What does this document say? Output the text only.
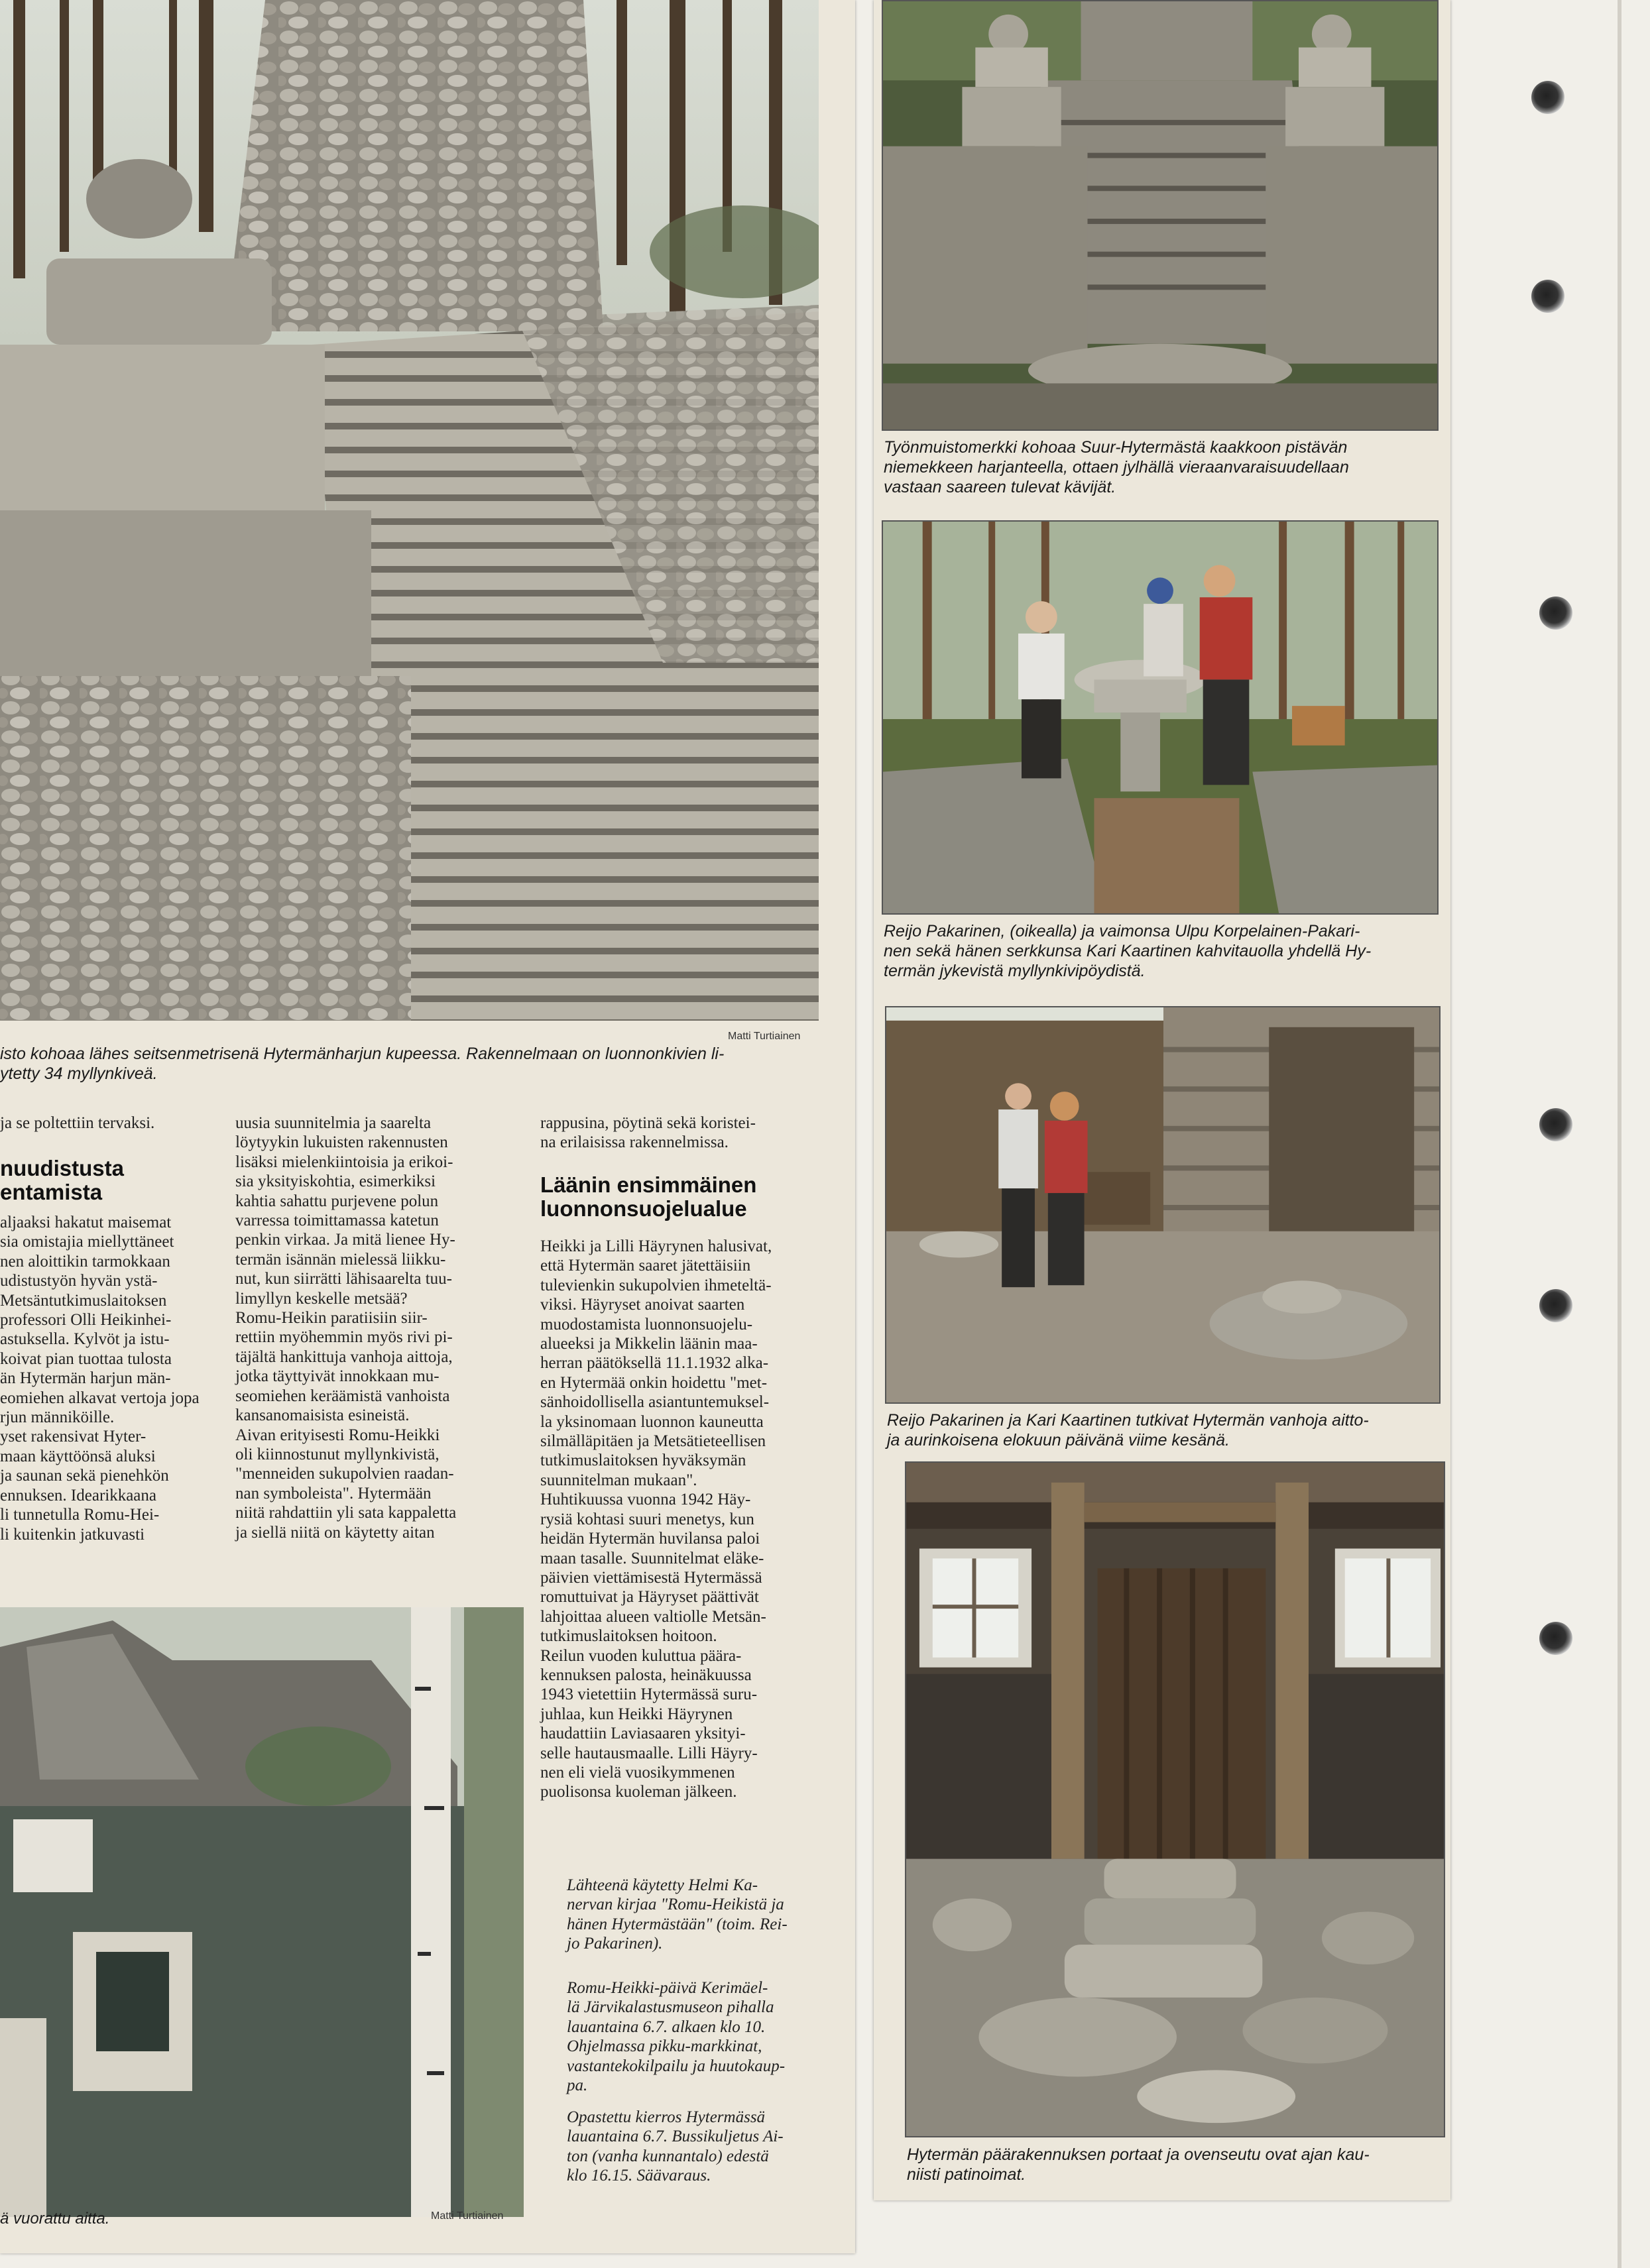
Matti Turtiainen
isto kohoaa lähes seitsenmetrisenä Hytermänharjun kupeessa. Rakennelmaan on luonnonkivien li-
ytetty 34 myllynkiveä.
ja se poltettiin tervaksi.
nuudistusta
entamista
aljaaksi hakatut maisemat
sia omistajia miellyttäneet
nen aloittikin tarmokkaan
udistustyön hyvän ystä-
Metsäntutkimuslaitoksen
professori Olli Heikinhei-
astuksella. Kylvöt ja istu-
koivat pian tuottaa tulosta
än Hytermän harjun män-
eomiehen alkavat vertoja jopa
rjun männiköille.
yset rakensivat Hyter-
maan käyttöönsä aluksi
ja saunan sekä pienehkön
ennuksen. Idearikkaana
li tunnetulla Romu-Hei-
li kuitenkin jatkuvasti
uusia suunnitelmia ja saarelta
löytyykin lukuisten rakennusten
lisäksi mielenkiintoisia ja erikoi-
sia yksityiskohtia, esimerkiksi
kahtia sahattu purjevene polun
varressa toimittamassa katetun
penkin virkaa. Ja mitä lienee Hy-
termän isännän mielessä liikku-
nut, kun siirrätti lähisaarelta tuu-
limyllyn keskelle metsää?
Romu-Heikin paratiisiin siir-
rettiin myöhemmin myös rivi pi-
täjältä hankittuja vanhoja aittoja,
jotka täyttyivät innokkaan mu-
seomiehen keräämistä vanhoista
kansanomaisista esineistä.
Aivan erityisesti Romu-Heikki
oli kiinnostunut myllynkivistä,
"menneiden sukupolvien raadan-
nan symboleista". Hytermään
niitä rahdattiin yli sata kappaletta
ja siellä niitä on käytetty aitan
rappusina, pöytinä sekä koristei-
na erilaisissa rakennelmissa.
Läänin ensimmäinen
luonnonsuojelualue
Heikki ja Lilli Häyrynen halusivat,
että Hytermän saaret jätettäisiin
tulevienkin sukupolvien ihmeteltä-
viksi. Häyryset anoivat saarten
muodostamista luonnonsuojelu-
alueeksi ja Mikkelin läänin maa-
herran päätöksellä 11.1.1932 alka-
en Hytermää onkin hoidettu "met-
sänhoidollisella asiantuntemuksel-
la yksinomaan luonnon kauneutta
silmälläpitäen ja Metsätieteellisen
tutkimuslaitoksen hyväksymän
suunnitelman mukaan".
Huhtikuussa vuonna 1942 Häy-
rysiä kohtasi suuri menetys, kun
heidän Hytermän huvilansa paloi
maan tasalle. Suunnitelmat eläke-
päivien viettämisestä Hytermässä
romuttuivat ja Häyryset päättivät
lahjoittaa alueen valtiolle Metsän-
tutkimuslaitoksen hoitoon.
Reilun vuoden kuluttua päära-
kennuksen palosta, heinäkuussa
1943 vietettiin Hytermässä suru-
juhlaa, kun Heikki Häyrynen
haudattiin Laviasaaren yksityi-
selle hautausmaalle. Lilli Häyry-
nen eli vielä vuosikymmenen
puolisonsa kuoleman jälkeen.
Lähteenä käytetty Helmi Ka-
nervan kirjaa "Romu-Heikistä ja
hänen Hytermästään" (toim. Rei-
jo Pakarinen).
Romu-Heikki-päivä Kerimäel-
lä Järvikalastusmuseon pihalla
lauantaina 6.7. alkaen klo 10.
Ohjelmassa pikku-markkinat,
vastantekokilpailu ja huutokaup-
pa.
Opastettu kierros Hytermässä
lauantaina 6.7. Bussikuljetus Ai-
ton (vanha kunnantalo) edestä
klo 16.15. Säävaraus.
ä vuorattu aitta.	Matti Turtiainen
Työnmuistomerkki kohoaa Suur-Hytermästä kaakkoon pistävän
niemekkeen harjanteella, ottaen jylhällä vieraanvaraisuudellaan
vastaan saareen tulevat kävijät.
Reijo Pakarinen, (oikealla) ja vaimonsa Ulpu Korpelainen-Pakari-
nen sekä hänen serkkunsa Kari Kaartinen kahvitauolla yhdellä Hy-
termän jykevistä myllynkivipöydistä.
Reijo Pakarinen ja Kari Kaartinen tutkivat Hytermän vanhoja aitto-
ja aurinkoisena elokuun päivänä viime kesänä.
Hytermän päärakennuksen portaat ja ovenseutu ovat ajan kau-
niisti patinoimat.
